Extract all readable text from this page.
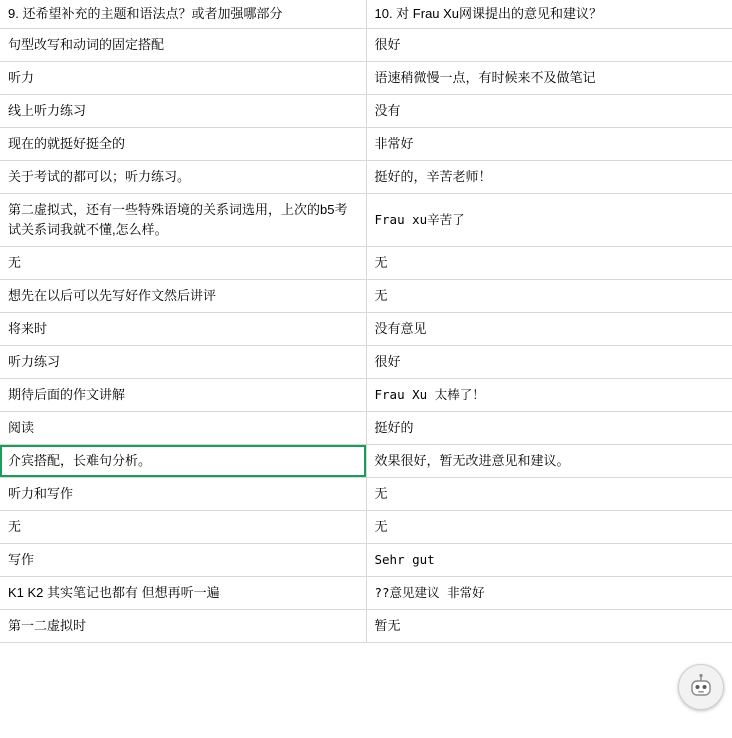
9. 还希望补充的主题和语法点？或者加强哪部分	10. 对 Frau Xu网课提出的意见和建议？

句型改写和动词的固定搭配	很好
听力	语速稍微慢一点，有时候来不及做笔记
线上听力练习	没有
现在的就挺好挺全的	非常好
关于考试的都可以；听力练习。	挺好的，辛苦老师！
第二虚拟式，还有一些特殊语境的关系词选用，上次的b5考试关系词我就不懂,怎么样。	Frau xu辛苦了
无	无
想先在以后可以先写好作文然后讲评	无
将来时	没有意见
听力练习	很好
期待后面的作文讲解	Frau Xu 太棒了！
阅读	挺好的
介宾搭配，长难句分析。	效果很好，暂无改进意见和建议。
听力和写作	无
无	无
写作	Sehr gut
K1 K2 其实笔记也都有 但想再听一遍	??意见建议 非常好
第一二虚拟时	暂无
